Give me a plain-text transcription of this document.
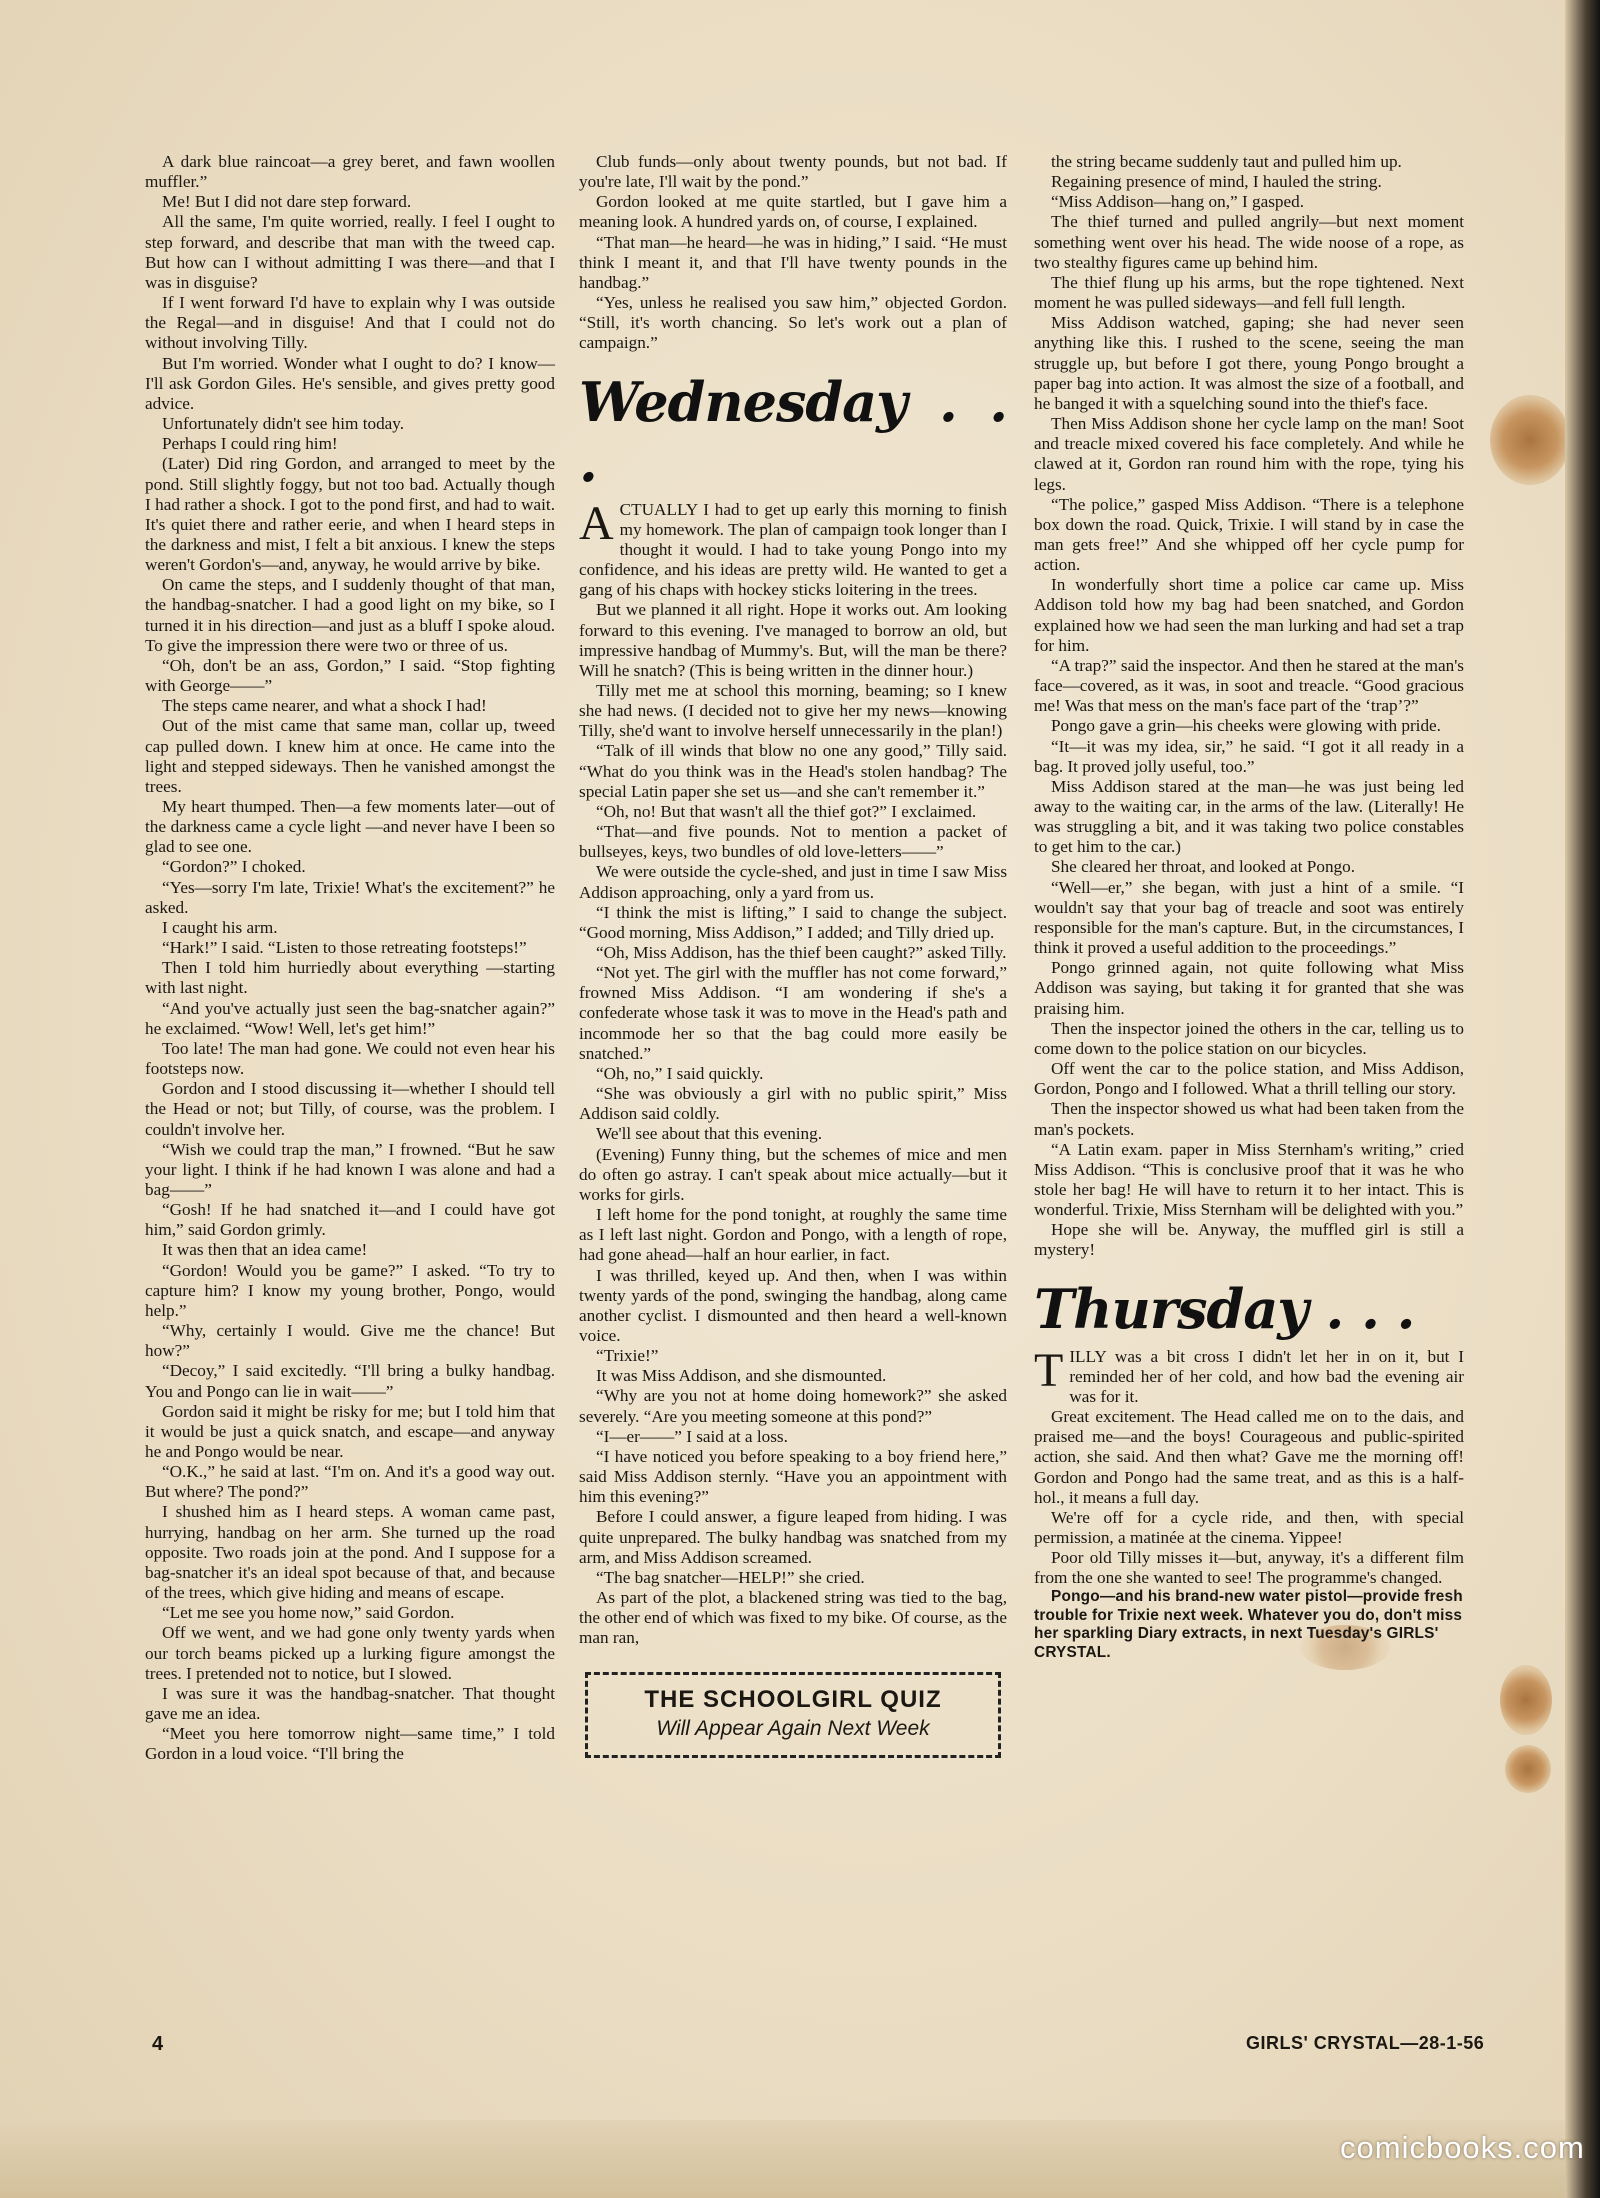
A dark blue raincoat—a grey beret, and fawn woollen muffler.”

Me! But I did not dare step forward.

All the same, I'm quite worried, really. I feel I ought to step forward, and describe that man with the tweed cap. But how can I without admitting I was there—and that I was in disguise?

If I went forward I'd have to explain why I was outside the Regal—and in disguise! And that I could not do without involving Tilly.

But I'm worried. Wonder what I ought to do? I know—I'll ask Gordon Giles. He's sensible, and gives pretty good advice.

Unfortunately didn't see him today.

Perhaps I could ring him!

(Later) Did ring Gordon, and arranged to meet by the pond. Still slightly foggy, but not too bad. Actually though I had rather a shock. I got to the pond first, and had to wait. It's quiet there and rather eerie, and when I heard steps in the darkness and mist, I felt a bit anxious. I knew the steps weren't Gordon's—and, anyway, he would arrive by bike.

On came the steps, and I suddenly thought of that man, the handbag-snatcher. I had a good light on my bike, so I turned it in his direction—and just as a bluff I spoke aloud. To give the impression there were two or three of us.

“Oh, don't be an ass, Gordon,” I said. “Stop fighting with George——”

The steps came nearer, and what a shock I had!

Out of the mist came that same man, collar up, tweed cap pulled down. I knew him at once. He came into the light and stepped sideways. Then he vanished amongst the trees.

My heart thumped. Then—a few moments later—out of the darkness came a cycle light —and never have I been so glad to see one.

“Gordon?” I choked.

“Yes—sorry I'm late, Trixie! What's the excitement?” he asked.

I caught his arm.

“Hark!” I said. “Listen to those retreating footsteps!”

Then I told him hurriedly about everything —starting with last night.

“And you've actually just seen the bag-snatcher again?” he exclaimed. “Wow! Well, let's get him!”

Too late! The man had gone. We could not even hear his footsteps now.

Gordon and I stood discussing it—whether I should tell the Head or not; but Tilly, of course, was the problem. I couldn't involve her.

“Wish we could trap the man,” I frowned. “But he saw your light. I think if he had known I was alone and had a bag——”

“Gosh! If he had snatched it—and I could have got him,” said Gordon grimly.

It was then that an idea came!

“Gordon! Would you be game?” I asked. “To try to capture him? I know my young brother, Pongo, would help.”

“Why, certainly I would. Give me the chance! But how?”

“Decoy,” I said excitedly. “I'll bring a bulky handbag. You and Pongo can lie in wait——”

Gordon said it might be risky for me; but I told him that it would be just a quick snatch, and escape—and anyway he and Pongo would be near.

“O.K.,” he said at last. “I'm on. And it's a good way out. But where? The pond?”

I shushed him as I heard steps. A woman came past, hurrying, handbag on her arm. She turned up the road opposite. Two roads join at the pond. And I suppose for a bag-snatcher it's an ideal spot because of that, and because of the trees, which give hiding and means of escape.

“Let me see you home now,” said Gordon.

Off we went, and we had gone only twenty yards when our torch beams picked up a lurking figure amongst the trees. I pretended not to notice, but I slowed.

I was sure it was the handbag-snatcher. That thought gave me an idea.

“Meet you here tomorrow night—same time,” I told Gordon in a loud voice. “I'll bring the

Club funds—only about twenty pounds, but not bad. If you're late, I'll wait by the pond.”

Gordon looked at me quite startled, but I gave him a meaning look. A hundred yards on, of course, I explained.

“That man—he heard—he was in hiding,” I said. “He must think I meant it, and that I'll have twenty pounds in the handbag.”

“Yes, unless he realised you saw him,” objected Gordon. “Still, it's worth chancing. So let's work out a plan of campaign.”

Wednesday . . .

ACTUALLY I had to get up early this morning to finish my homework. The plan of campaign took longer than I thought it would. I had to take young Pongo into my confidence, and his ideas are pretty wild. He wanted to get a gang of his chaps with hockey sticks loitering in the trees.

But we planned it all right. Hope it works out. Am looking forward to this evening. I've managed to borrow an old, but impressive handbag of Mummy's. But, will the man be there? Will he snatch? (This is being written in the dinner hour.)

Tilly met me at school this morning, beaming; so I knew she had news. (I decided not to give her my news—knowing Tilly, she'd want to involve herself unnecessarily in the plan!)

“Talk of ill winds that blow no one any good,” Tilly said. “What do you think was in the Head's stolen handbag? The special Latin paper she set us—and she can't remember it.”

“Oh, no! But that wasn't all the thief got?” I exclaimed.

“That—and five pounds. Not to mention a packet of bullseyes, keys, two bundles of old love-letters——”

We were outside the cycle-shed, and just in time I saw Miss Addison approaching, only a yard from us.

“I think the mist is lifting,” I said to change the subject. “Good morning, Miss Addison,” I added; and Tilly dried up.

“Oh, Miss Addison, has the thief been caught?” asked Tilly.

“Not yet. The girl with the muffler has not come forward,” frowned Miss Addison. “I am wondering if she's a confederate whose task it was to move in the Head's path and incommode her so that the bag could more easily be snatched.”

“Oh, no,” I said quickly.

“She was obviously a girl with no public spirit,” Miss Addison said coldly.

We'll see about that this evening.

(Evening) Funny thing, but the schemes of mice and men do often go astray. I can't speak about mice actually—but it works for girls.

I left home for the pond tonight, at roughly the same time as I left last night. Gordon and Pongo, with a length of rope, had gone ahead—half an hour earlier, in fact.

I was thrilled, keyed up. And then, when I was within twenty yards of the pond, swinging the handbag, along came another cyclist. I dismounted and then heard a well-known voice.

“Trixie!”

It was Miss Addison, and she dismounted.

“Why are you not at home doing homework?” she asked severely. “Are you meeting someone at this pond?”

“I—er——” I said at a loss.

“I have noticed you before speaking to a boy friend here,” said Miss Addison sternly. “Have you an appointment with him this evening?”

Before I could answer, a figure leaped from hiding. I was quite unprepared. The bulky handbag was snatched from my arm, and Miss Addison screamed.

“The bag snatcher—HELP!” she cried.

As part of the plot, a blackened string was tied to the bag, the other end of which was fixed to my bike. Of course, as the man ran,

THE SCHOOLGIRL QUIZ
Will Appear Again Next Week

the string became suddenly taut and pulled him up.

Regaining presence of mind, I hauled the string.

“Miss Addison—hang on,” I gasped.

The thief turned and pulled angrily—but next moment something went over his head. The wide noose of a rope, as two stealthy figures came up behind him.

The thief flung up his arms, but the rope tightened. Next moment he was pulled sideways—and fell full length.

Miss Addison watched, gaping; she had never seen anything like this. I rushed to the scene, seeing the man struggle up, but before I got there, young Pongo brought a paper bag into action. It was almost the size of a football, and he banged it with a squelching sound into the thief's face.

Then Miss Addison shone her cycle lamp on the man! Soot and treacle mixed covered his face completely. And while he clawed at it, Gordon ran round him with the rope, tying his legs.

“The police,” gasped Miss Addison. “There is a telephone box down the road. Quick, Trixie. I will stand by in case the man gets free!” And she whipped off her cycle pump for action.

In wonderfully short time a police car came up. Miss Addison told how my bag had been snatched, and Gordon explained how we had seen the man lurking and had set a trap for him.

“A trap?” said the inspector. And then he stared at the man's face—covered, as it was, in soot and treacle. “Good gracious me! Was that mess on the man's face part of the ‘trap’?”

Pongo gave a grin—his cheeks were glowing with pride.

“It—it was my idea, sir,” he said. “I got it all ready in a bag. It proved jolly useful, too.”

Miss Addison stared at the man—he was just being led away to the waiting car, in the arms of the law. (Literally! He was struggling a bit, and it was taking two police constables to get him to the car.)

She cleared her throat, and looked at Pongo.

“Well—er,” she began, with just a hint of a smile. “I wouldn't say that your bag of treacle and soot was entirely responsible for the man's capture. But, in the circumstances, I think it proved a useful addition to the proceedings.”

Pongo grinned again, not quite following what Miss Addison was saying, but taking it for granted that she was praising him.

Then the inspector joined the others in the car, telling us to come down to the police station on our bicycles.

Off went the car to the police station, and Miss Addison, Gordon, Pongo and I followed. What a thrill telling our story.

Then the inspector showed us what had been taken from the man's pockets.

“A Latin exam. paper in Miss Sternham's writing,” cried Miss Addison. “This is conclusive proof that it was he who stole her bag! He will have to return it to her intact. This is wonderful. Trixie, Miss Sternham will be delighted with you.”

Hope she will be. Anyway, the muffled girl is still a mystery!

Thursday . . .

TILLY was a bit cross I didn't let her in on it, but I reminded her of her cold, and how bad the evening air was for it.

Great excitement. The Head called me on to the dais, and praised me—and the boys! Courageous and public-spirited action, she said. And then what? Gave me the morning off! Gordon and Pongo had the same treat, and as this is a half-hol., it means a full day.

We're off for a cycle ride, and then, with special permission, a matinée at the cinema. Yippee!

Poor old Tilly misses it—but, anyway, it's a different film from the one she wanted to see! The programme's changed.

Pongo—and his brand-new water pistol—provide fresh trouble for Trixie next week. Whatever you do, don't miss her sparkling Diary extracts, in next Tuesday's GIRLS' CRYSTAL.

4	GIRLS' CRYSTAL—28-1-56
comicbooks.com
